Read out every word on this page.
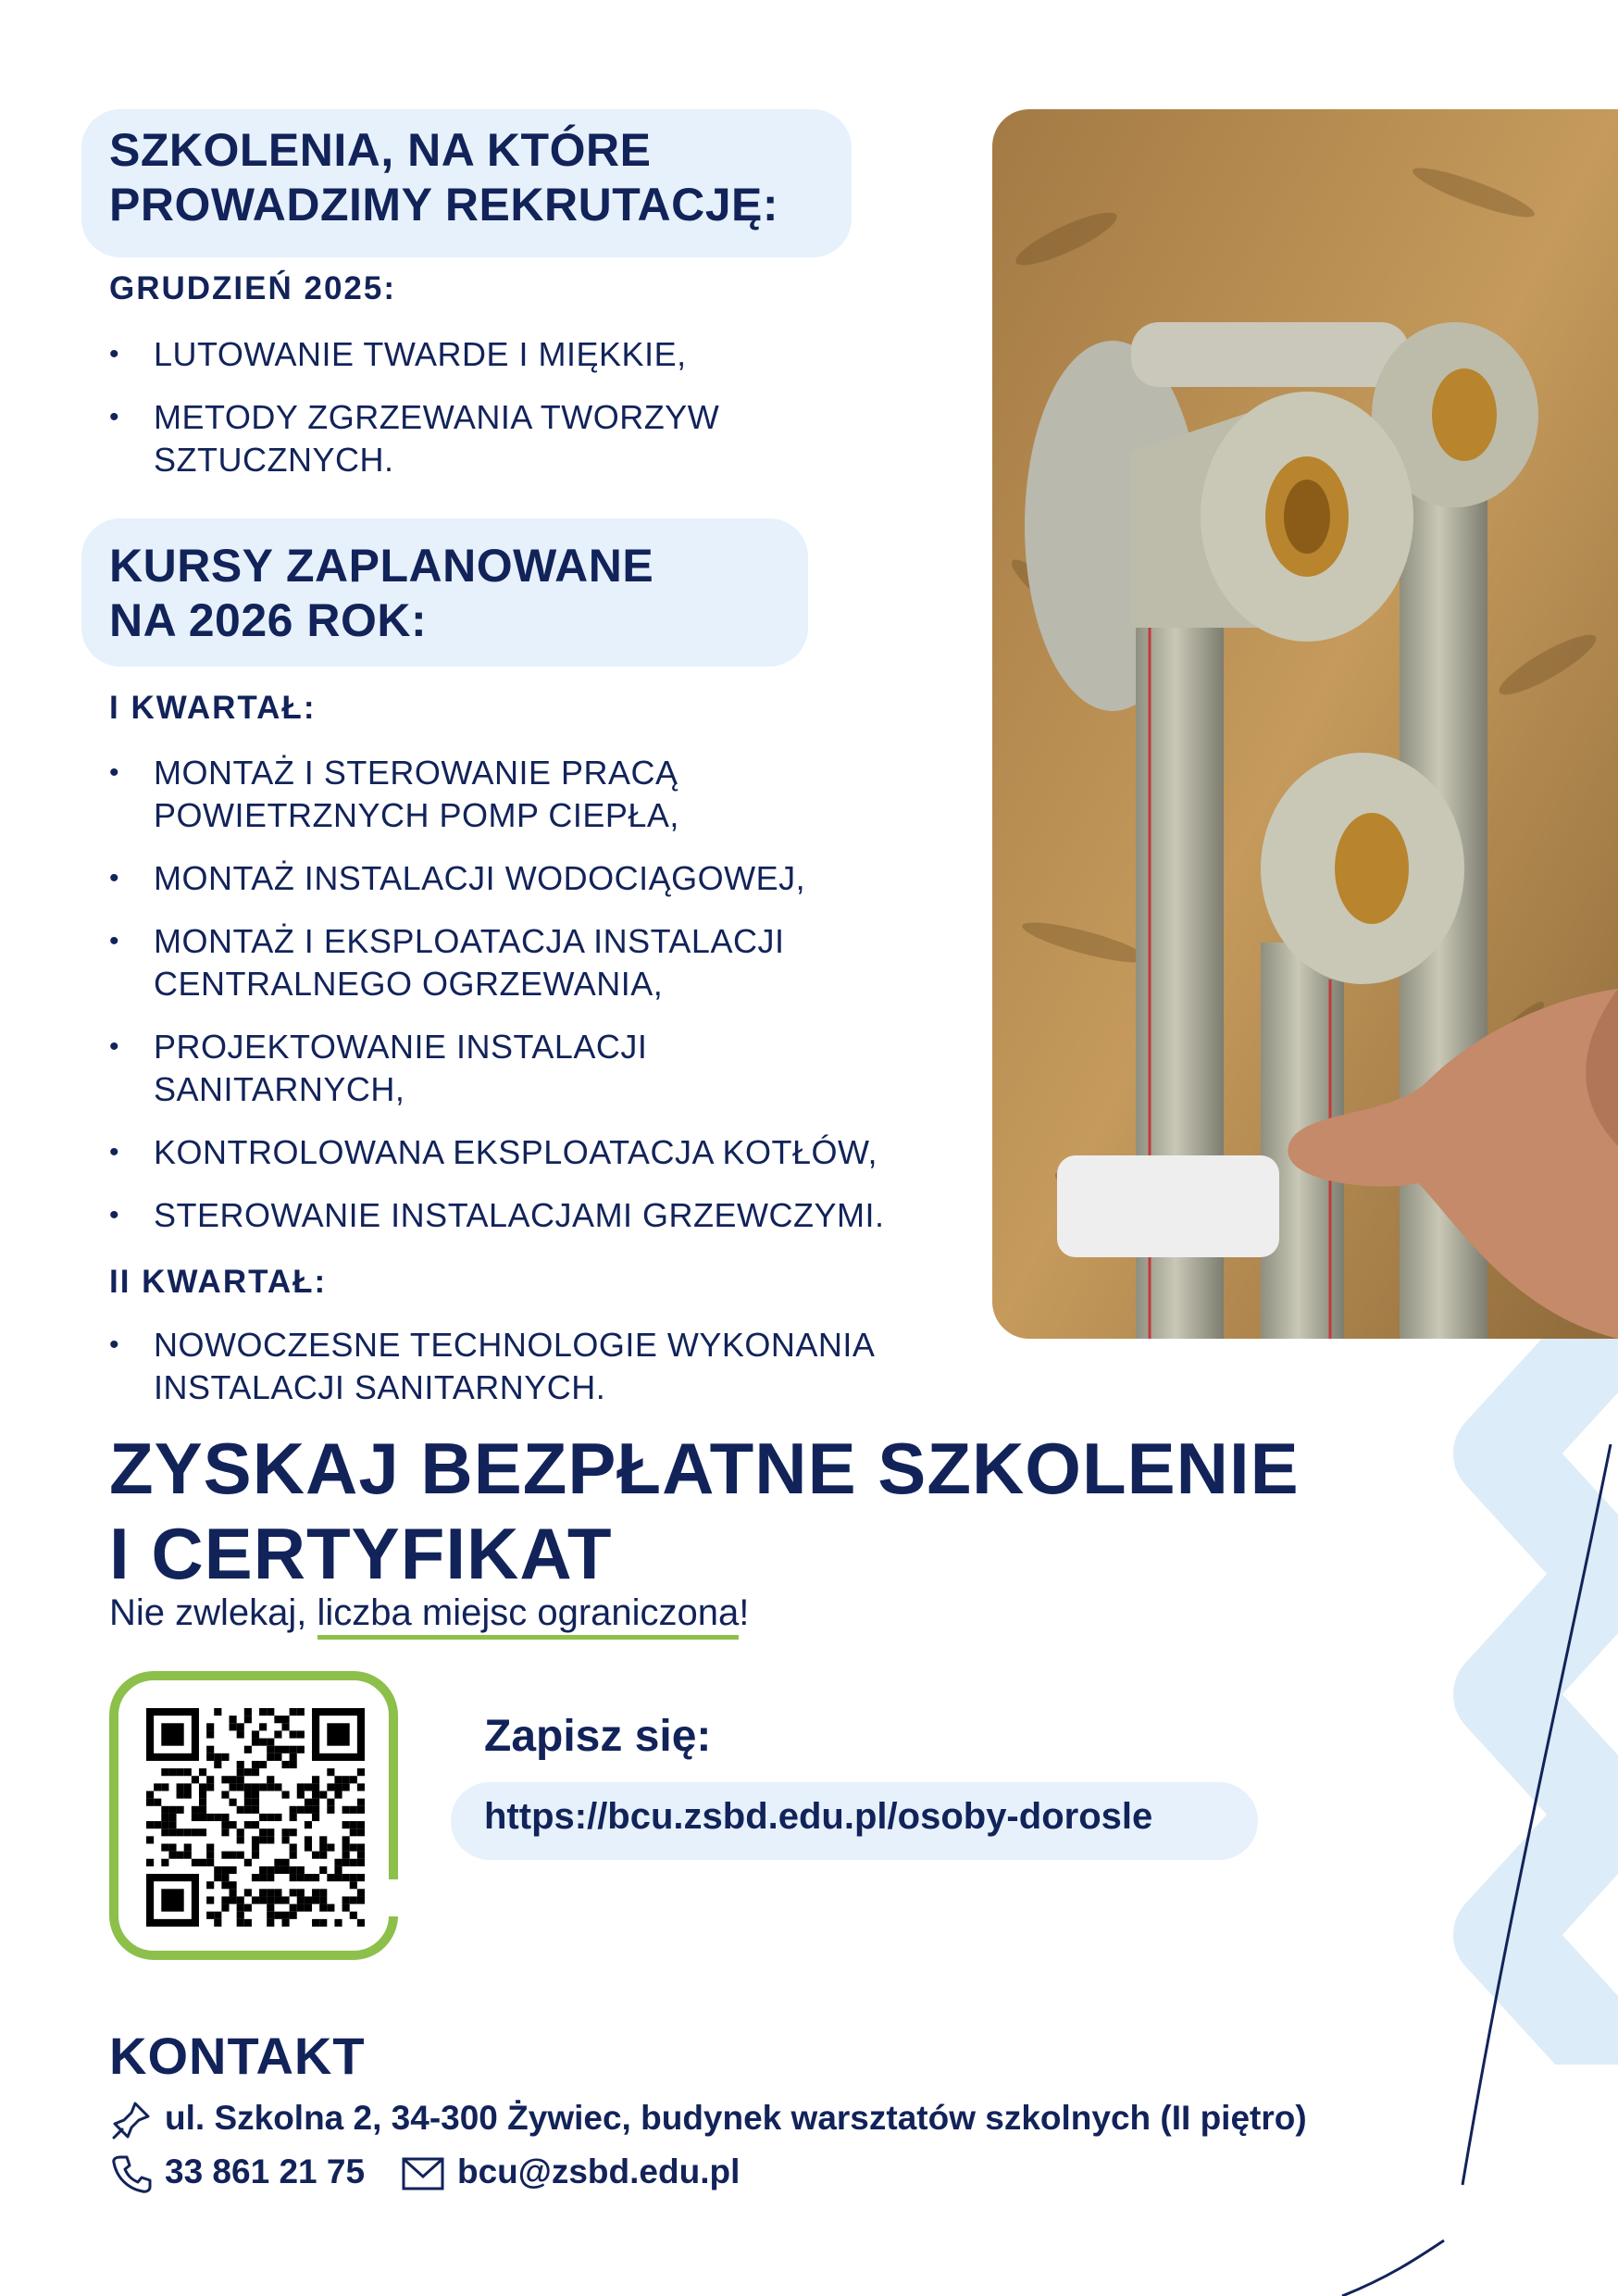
SZKOLENIA, NA KTÓRE

PROWADZIMY REKRUTACJĘ:

GRUDZIEŃ 2025:

• LUTOWANIE TWARDE I MIĘKKIE,
• METODY ZGRZEWANIA TWORZYW
SZTUCZNYCH.

KURSY ZAPLANOWANE

NA 2026 ROK:

I KWARTAŁ:

• MONTAŻ I STEROWANIE PRACĄ
POWIETRZNYCH POMP CIEPŁA,
• MONTAŻ INSTALACJI WODOCIĄGOWEJ,
• MONTAŻ I EKSPLOATACJA INSTALACJI
CENTRALNEGO OGRZEWANIA,
• PROJEKTOWANIE INSTALACJI
SANITARNYCH,
• KONTROLOWANA EKSPLOATACJA KOTŁÓW,
• STEROWANIE INSTALACJAMI GRZEWCZYMI.

II KWARTAŁ:

• NOWOCZESNE TECHNOLOGIE WYKONANIA
INSTALACJI SANITARNYCH.
ZYSKAJ BEZPŁATNE SZKOLENIE
I CERTYFIKAT

Nie zwlekaj, liczba miejsc ograniczona!

Zapisz się:

https://bcu.zsbd.edu.pl/osoby-dorosle
KONTAKT

ul. Szkolna 2, 34-300 Żywiec, budynek warsztatów szkolnych (II piętro)

33 861 21 75	bcu@zsbd.edu.pl
